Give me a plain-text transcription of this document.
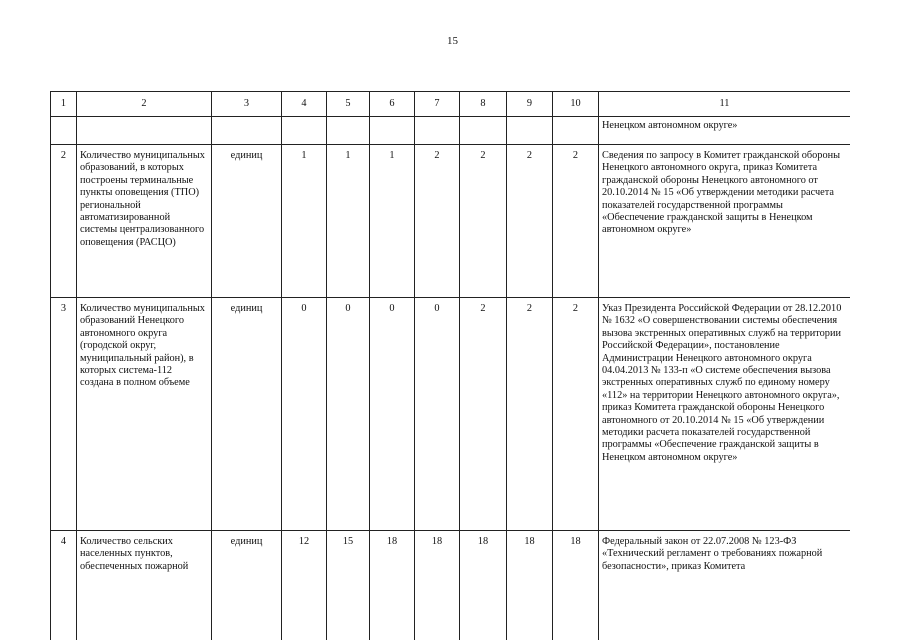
15
1	2	3	4	5	6	7	8	9	10	11
										Ненецком автономном округе»
2	Количество муниципальных образований, в которых построены терминальные пункты оповещения (ТПО) региональной автоматизированной системы централизованного оповещения (РАСЦО)	единиц	1	1	1	2	2	2	2	Сведения по запросу в Комитет гражданской обороны Ненецкого автономного округа, приказ Комитета гражданской обороны Ненецкого автономного от 20.10.2014 № 15 «Об утверждении методики расчета показателей государственной программы «Обеспечение гражданской защиты в Ненецком автономном округе»
3	Количество муниципальных образований Ненецкого автономного округа (городской округ, муниципальный район), в которых система-112 создана в полном объеме	единиц	0	0	0	0	2	2	2	Указ Президента Российской Федерации от 28.12.2010 № 1632 «О совершенствовании системы обеспечения вызова экстренных оперативных служб на территории Российской Федерации», постановление Администрации Ненецкого автономного округа 04.04.2013 № 133-п «О системе обеспечения вызова экстренных оперативных служб по единому номеру «112» на территории Ненецкого автономного округа», приказ Комитета гражданской обороны Ненецкого автономного от 20.10.2014 № 15 «Об утверждении методики расчета показателей государственной программы «Обеспечение гражданской защиты в Ненецком автономном округе»
4	Количество сельских населенных пунктов, обеспеченных пожарной	единиц	12	15	18	18	18	18	18	Федеральный закон от 22.07.2008 № 123-ФЗ «Технический регламент о требованиях пожарной безопасности», приказ Комитета
